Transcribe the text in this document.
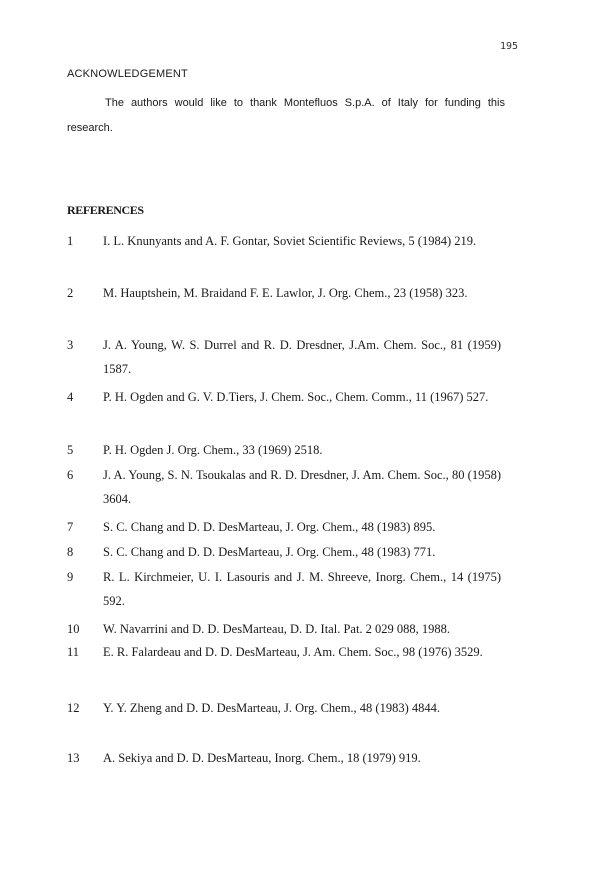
195
ACKNOWLEDGEMENT

The authors would like to thank Montefluos S.p.A. of Italy for funding this research.

REFERENCES
1	I. L. Knunyants and A. F. Gontar, Soviet Scientific Reviews, 5 (1984) 219.

2	M. Hauptshein, M. Braidand F. E. Lawlor, J. Org. Chem., 23 (1958) 323.

3	J. A. Young, W. S. Durrel and R. D. Dresdner, J.Am. Chem. Soc., 81 (1959) 1587.

4	P. H. Ogden and G. V. D.Tiers, J. Chem. Soc., Chem. Comm., 11 (1967) 527.

5	P. H. Ogden J. Org. Chem., 33 (1969) 2518.

6	J. A. Young, S. N. Tsoukalas and R. D. Dresdner, J. Am. Chem. Soc., 80 (1958) 3604.

7	S. C. Chang and D. D. DesMarteau, J. Org. Chem., 48 (1983) 895.

8	S. C. Chang and D. D. DesMarteau, J. Org. Chem., 48 (1983) 771.

9	R. L. Kirchmeier, U. I. Lasouris and J. M. Shreeve, Inorg. Chem., 14 (1975) 592.

10	W. Navarrini and D. D. DesMarteau, D. D. Ital. Pat. 2 029 088, 1988.

11	E. R. Falardeau and D. D. DesMarteau, J. Am. Chem. Soc., 98 (1976) 3529.

12	Y. Y. Zheng and D. D. DesMarteau, J. Org. Chem., 48 (1983) 4844.

13	A. Sekiya and D. D. DesMarteau, Inorg. Chem., 18 (1979) 919.
